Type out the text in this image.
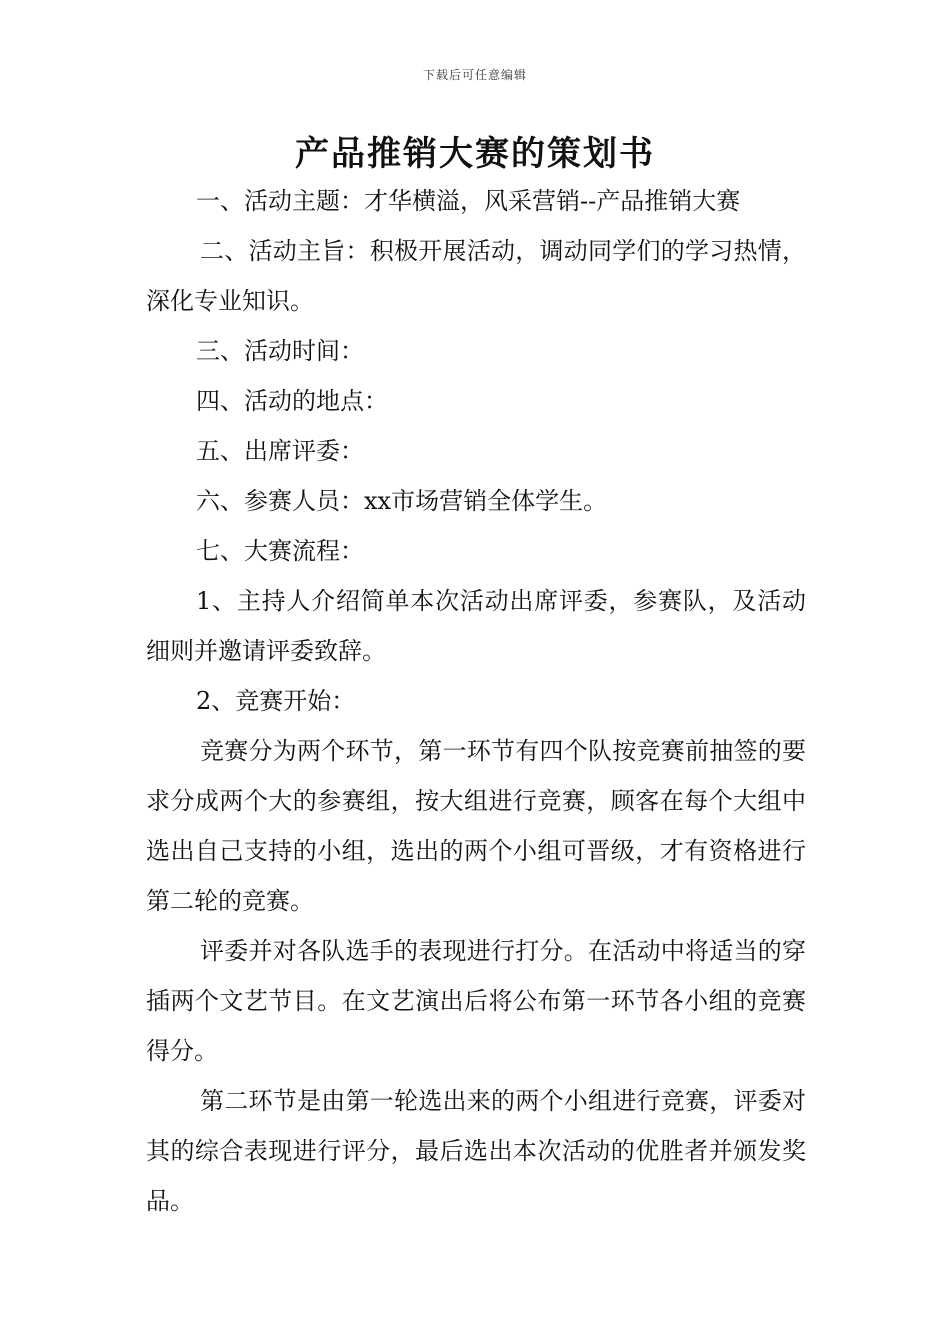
下载后可任意编辑
产品推销大赛的策划书

一、活动主题：才华横溢，风采营销--产品推销大赛

二、活动主旨：积极开展活动，调动同学们的学习热情，深化专业知识。

三、活动时间：

四、活动的地点：

五、出席评委：

六、参赛人员：xx市场营销全体学生。

七、大赛流程：

1、主持人介绍简单本次活动出席评委，参赛队，及活动细则并邀请评委致辞。

2、竞赛开始：

竞赛分为两个环节，第一环节有四个队按竞赛前抽签的要求分成两个大的参赛组，按大组进行竞赛，顾客在每个大组中选出自己支持的小组，选出的两个小组可晋级，才有资格进行第二轮的竞赛。

评委并对各队选手的表现进行打分。在活动中将适当的穿插两个文艺节目。在文艺演出后将公布第一环节各小组的竞赛得分。

第二环节是由第一轮选出来的两个小组进行竞赛，评委对其的综合表现进行评分，最后选出本次活动的优胜者并颁发奖品。
